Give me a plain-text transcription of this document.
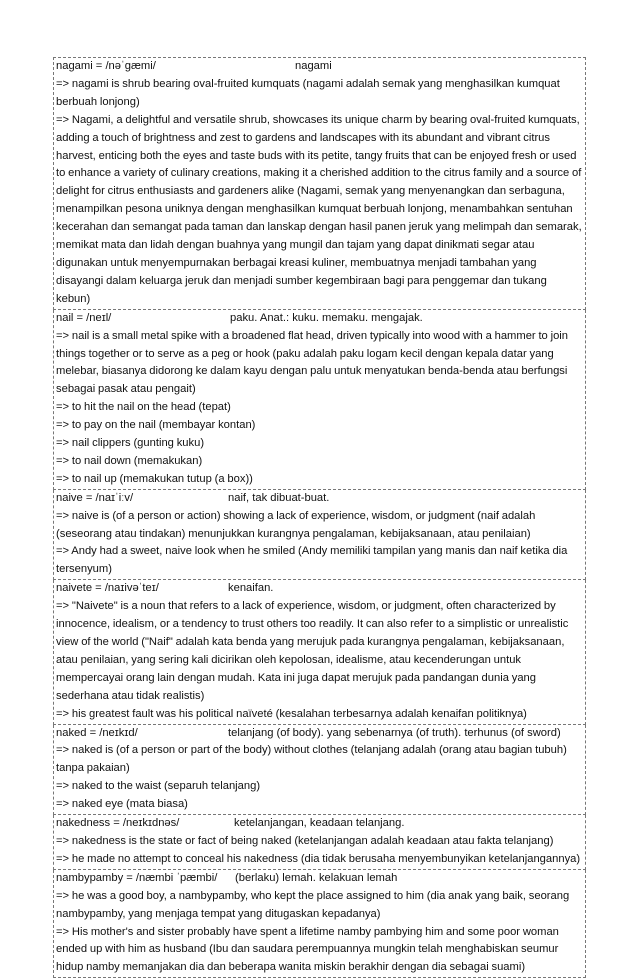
nagami = /nəˈgæmi/	nagami
=> nagami is shrub bearing oval-fruited kumquats (nagami adalah semak yang menghasilkan kumquat berbuah lonjong)
=> Nagami, a delightful and versatile shrub, showcases its unique charm by bearing oval-fruited kumquats, adding a touch of brightness and zest to gardens and landscapes with its abundant and vibrant citrus harvest, enticing both the eyes and taste buds with its petite, tangy fruits that can be enjoyed fresh or used to enhance a variety of culinary creations, making it a cherished addition to the citrus family and a source of delight for citrus enthusiasts and gardeners alike (Nagami, semak yang menyenangkan dan serbaguna, menampilkan pesona uniknya dengan menghasilkan kumquat berbuah lonjong, menambahkan sentuhan kecerahan dan semangat pada taman dan lanskap dengan hasil panen jeruk yang melimpah dan semarak, memikat mata dan lidah dengan buahnya yang mungil dan tajam yang dapat dinikmati segar atau digunakan untuk menyempurnakan berbagai kreasi kuliner, membuatnya menjadi tambahan yang disayangi dalam keluarga jeruk dan menjadi sumber kegembiraan bagi para penggemar dan tukang kebun)
nail = /neɪl/	paku. Anat.: kuku. memaku. mengajak.
=> nail is a small metal spike with a broadened flat head, driven typically into wood with a hammer to join things together or to serve as a peg or hook (paku adalah paku logam kecil dengan kepala datar yang melebar, biasanya didorong ke dalam kayu dengan palu untuk menyatukan benda-benda atau berfungsi sebagai pasak atau pengait)
=> to hit the nail on the head (tepat)
=> to pay on the nail (membayar kontan)
=> nail clippers (gunting kuku)
=> to nail down (memakukan)
=> to nail up (memakukan tutup (a box))
naive = /naɪˈiːv/	naif, tak dibuat-buat.
=> naive is (of a person or action) showing a lack of experience, wisdom, or judgment (naif adalah (seseorang atau tindakan) menunjukkan kurangnya pengalaman, kebijaksanaan, atau penilaian)
=> Andy had a sweet, naive look when he smiled (Andy memiliki tampilan yang manis dan naif ketika dia tersenyum)
naivete = /naɪivəˈteɪ/	kenaifan.
=> "Naivete" is a noun that refers to a lack of experience, wisdom, or judgment, often characterized by innocence, idealism, or a tendency to trust others too readily. It can also refer to a simplistic or unrealistic view of the world ("Naif" adalah kata benda yang merujuk pada kurangnya pengalaman, kebijaksanaan, atau penilaian, yang sering kali dicirikan oleh kepolosan, idealisme, atau kecenderungan untuk mempercayai orang lain dengan mudah. Kata ini juga dapat merujuk pada pandangan dunia yang sederhana atau tidak realistis)
=> his greatest fault was his political naïveté (kesalahan terbesarnya adalah kenaifan politiknya)
naked = /neɪkɪd/	telanjang (of body). yang sebenarnya (of truth). terhunus (of sword)
=> naked is (of a person or part of the body) without clothes (telanjang adalah (orang atau bagian tubuh) tanpa pakaian)
=> naked to the waist (separuh telanjang)
=> naked eye (mata biasa)
nakedness = /neɪkɪdnəs/	ketelanjangan, keadaan telanjang.
=> nakedness is the state or fact of being naked (ketelanjangan adalah keadaan atau fakta telanjang)
=> he made no attempt to conceal his nakedness (dia tidak berusaha menyembunyikan ketelanjangannya)
nambypamby = /næmbi ˈpæmbi/	(berlaku) lemah. kelakuan lemah
=> he was a good boy, a nambypamby, who kept the place assigned to him (dia anak yang baik, seorang nambypamby, yang menjaga tempat yang ditugaskan kepadanya)
=> His mother's and sister probably have spent a lifetime namby pambying him and some poor woman ended up with him as husband (Ibu dan saudara perempuannya mungkin telah menghabiskan seumur hidup namby memanjakan dia dan beberapa wanita miskin berakhir dengan dia sebagai suami)
